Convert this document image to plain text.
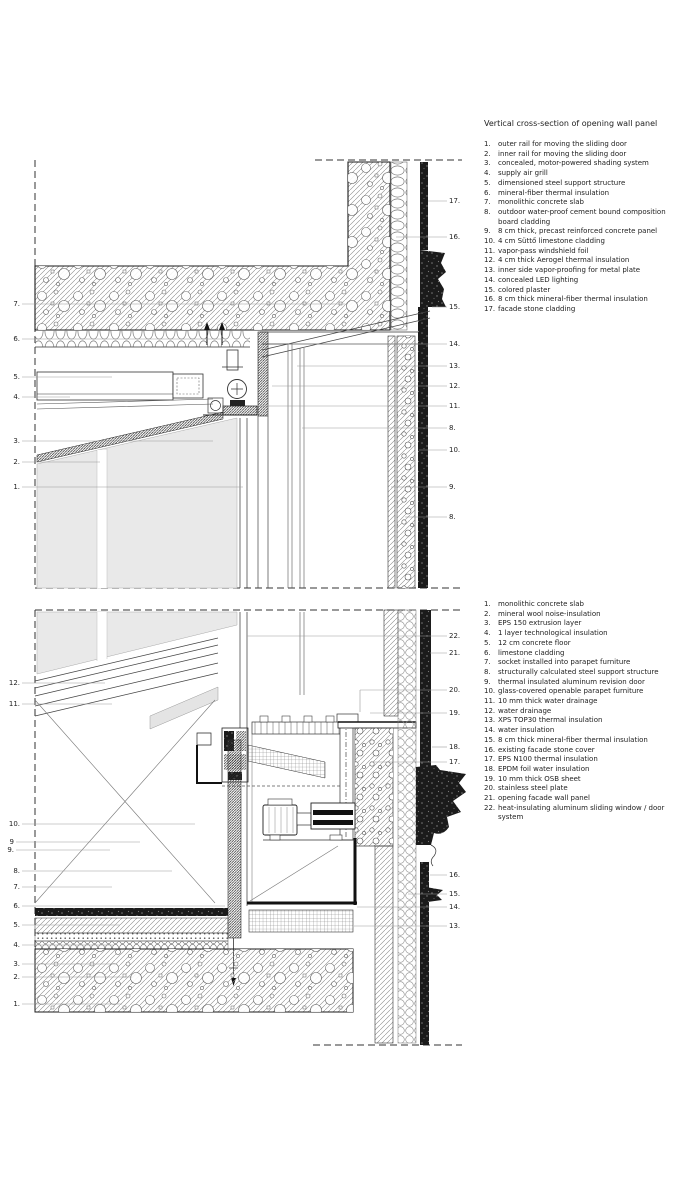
7.
6.
5.
4.
3.
2.
1.
17.
16.
15.
14.
13.
12.
11.
8.
10.
9.
8.
12.
11.
10.
9
9.
8.
7.
6.
5.
4.
3.
2.
1.
22.
21.
20.
19.
18.
17.
16.
15.
14.
13.
Vertical cross-section of opening wall panel
1.	outer rail for moving the sliding door
2.	inner rail for moving the sliding door
3.	concealed, motor-powered shading system
4.	supply air grill
5.	dimensioned steel support structure
6.	mineral-fiber thermal insulation
7.	monolithic concrete slab
8.	outdoor water-proof cement bound composition board cladding
9.	8 cm thick, precast reinforced concrete panel
10. 4 cm Süttő limestone cladding
11. vapor-pass windshield foil
12. 4 cm thick Aerogel thermal insulation
13. inner side vapor-proofing for metal plate
14. concealed LED lighting
15. colored plaster
16. 8 cm thick mineral-fiber thermal insulation
17. facade stone cladding
1.	monolithic concrete slab
2.	mineral wool noise-insulation
3.	EPS 150 extrusion layer
4.	1 layer technological insulation
5.	12 cm concrete floor
6.	limestone cladding
7.	socket installed into parapet furniture
8.	structurally calculated steel support structure
9.	thermal insulated aluminum revision door
10. glass-covered openable parapet furniture
11. 10 mm thick water drainage
12. water drainage
13. XPS TOP30 thermal insulation
14. water insulation
15. 8 cm thick mineral-fiber thermal insulation
16. existing facade stone cover
17. EPS N100 thermal insulation
18. EPDM foil water insulation
19. 10 mm thick OSB sheet
20. stainless steel plate
21. opening facade wall panel
22. heat-insulating aluminum sliding window / door system
